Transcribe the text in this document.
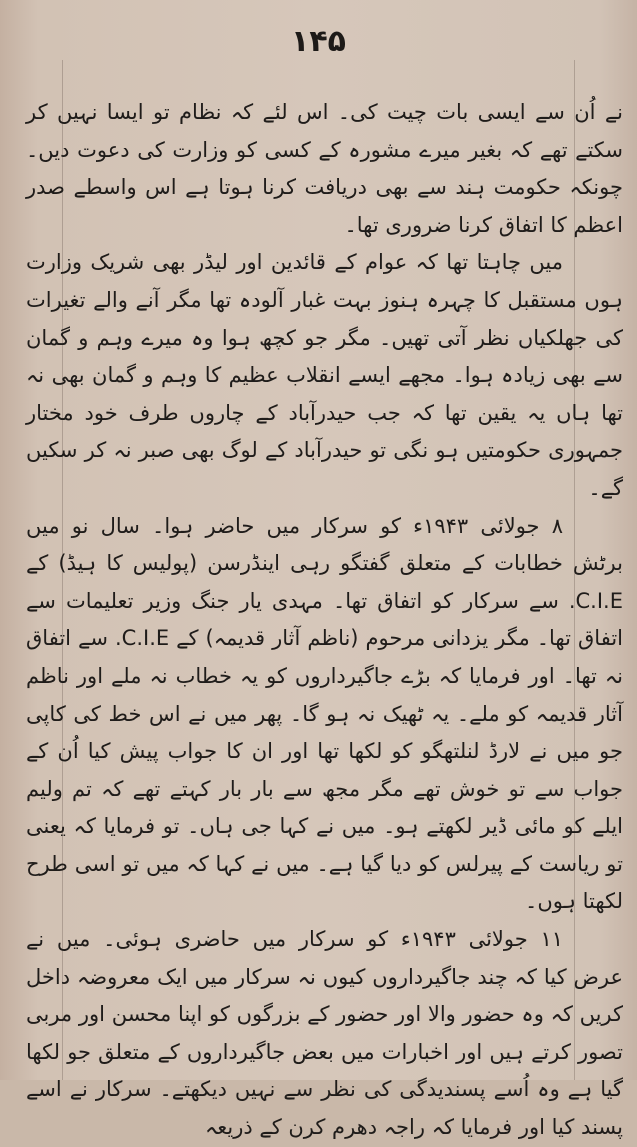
۱۴۵

نے اُن سے ایسی بات چیت کی۔ اس لئے کہ نظام تو ایسا نہیں کر سکتے تھے کہ بغیر میرے مشورہ کے کسی کو وزارت کی دعوت دیں۔ چونکہ حکومت ہند سے بھی دریافت کرنا ہوتا ہے اس واسطے صدر اعظم کا اتفاق کرنا ضروری تھا۔

میں چاہتا تھا کہ عوام کے قائدین اور لیڈر بھی شریک وزارت ہوں مستقبل کا چہرہ ہنوز بہت غبار آلودہ تھا مگر آنے والے تغیرات کی جھلکیاں نظر آتی تھیں۔ مگر جو کچھ ہوا وہ میرے وہم و گمان سے بھی زیادہ ہوا۔ مجھے ایسے انقلاب عظیم کا وہم و گمان بھی نہ تھا ہاں یہ یقین تھا کہ جب حیدرآباد کے چاروں طرف خود مختار جمہوری حکومتیں ہو نگی تو حیدرآباد کے لوگ بھی صبر نہ کر سکیں گے۔

۸ جولائی ۱۹۴۳ء کو سرکار میں حاضر ہوا۔ سال نو میں برٹش خطابات کے متعلق گفتگو رہی اینڈرسن (پولیس کا ہیڈ) کے C.I.E. سے سرکار کو اتفاق تھا۔ مہدی یار جنگ وزیر تعلیمات سے اتفاق تھا۔ مگر یزدانی مرحوم (ناظم آثار قدیمہ) کے C.I.E. سے اتفاق نہ تھا۔ اور فرمایا کہ بڑے جاگیرداروں کو یہ خطاب نہ ملے اور ناظم آثار قدیمہ کو ملے۔ یہ ٹھیک نہ ہو گا۔ پھر میں نے اس خط کی کاپی جو میں نے لارڈ لنلتھگو کو لکھا تھا اور ان کا جواب پیش کیا اُن کے جواب سے تو خوش تھے مگر مجھ سے بار بار کہتے تھے کہ تم ولیم ایلے کو مائی ڈیر لکھتے ہو۔ میں نے کہا جی ہاں۔ تو فرمایا کہ یعنی تو ریاست کے پیرلس کو دیا گیا ہے۔ میں نے کہا کہ میں تو اسی طرح لکھتا ہوں۔

۱۱ جولائی ۱۹۴۳ء کو سرکار میں حاضری ہوئی۔ میں نے عرض کیا کہ چند جاگیرداروں کیوں نہ سرکار میں ایک معروضہ داخل کریں کہ وہ حضور والا اور حضور کے بزرگوں کو اپنا محسن اور مربی تصور کرتے ہیں اور اخبارات میں بعض جاگیرداروں کے متعلق جو لکھا گیا ہے وہ اُسے پسندیدگی کی نظر سے نہیں دیکھتے۔ سرکار نے اسے پسند کیا اور فرمایا کہ راجہ دھرم کرن کے ذریعہ
